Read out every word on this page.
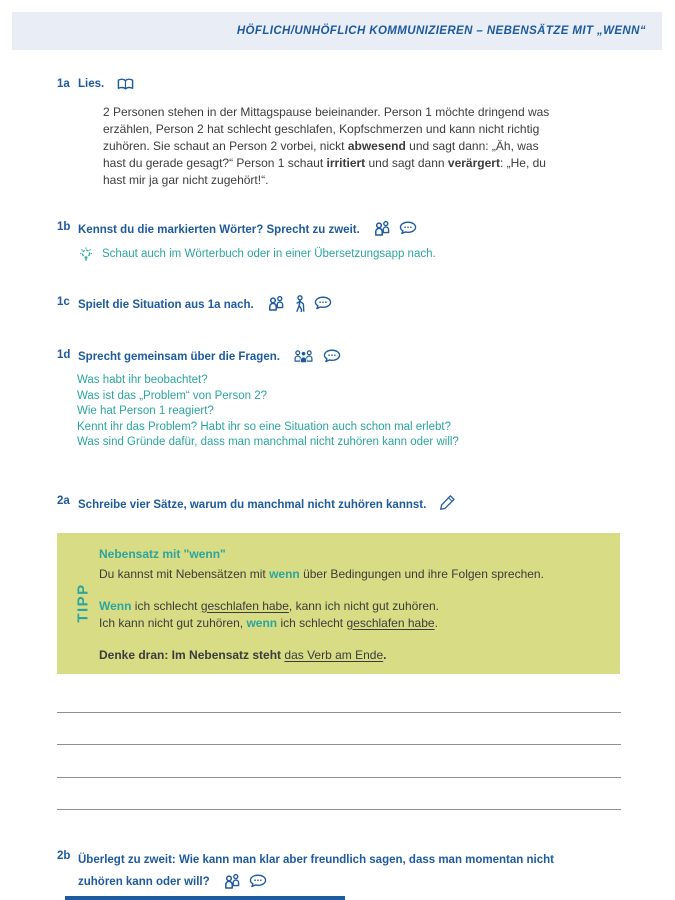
HÖFLICH/UNHÖFLICH KOMMUNIZIEREN – NEBENSÄTZE MIT „WENN“
1a Lies.

2 Personen stehen in der Mittagspause beieinander. Person 1 möchte dringend was
erzählen, Person 2 hat schlecht geschlafen, Kopfschmerzen und kann nicht richtig
zuhören. Sie schaut an Person 2 vorbei, nickt abwesend und sagt dann: „Äh, was
hast du gerade gesagt?“ Person 1 schaut irritiert und sagt dann verärgert: „He, du
hast mir ja gar nicht zugehört!“.

1b Kennst du die markierten Wörter? Sprecht zu zweit.
Schaut auch im Wörterbuch oder in einer Übersetzungsapp nach.
1c Spielt die Situation aus 1a nach.
1d Sprecht gemeinsam über die Fragen.
Was habt ihr beobachtet?
Was ist das „Problem“ von Person 2?
Wie hat Person 1 reagiert?
Kennt ihr das Problem? Habt ihr so eine Situation auch schon mal erlebt?
Was sind Gründe dafür, dass man manchmal nicht zuhören kann oder will?
2a Schreibe vier Sätze, warum du manchmal nicht zuhören kannst.
TIPP
Nebensatz mit "wenn"
Du kannst mit Nebensätzen mit wenn über Bedingungen und ihre Folgen sprechen.
Wenn ich schlecht geschlafen habe, kann ich nicht gut zuhören.
Ich kann nicht gut zuhören, wenn ich schlecht geschlafen habe.
Denke dran: Im Nebensatz steht das Verb am Ende.
2b Überlegt zu zweit: Wie kann man klar aber freundlich sagen, dass man momentan nicht
zuhören kann oder will?
